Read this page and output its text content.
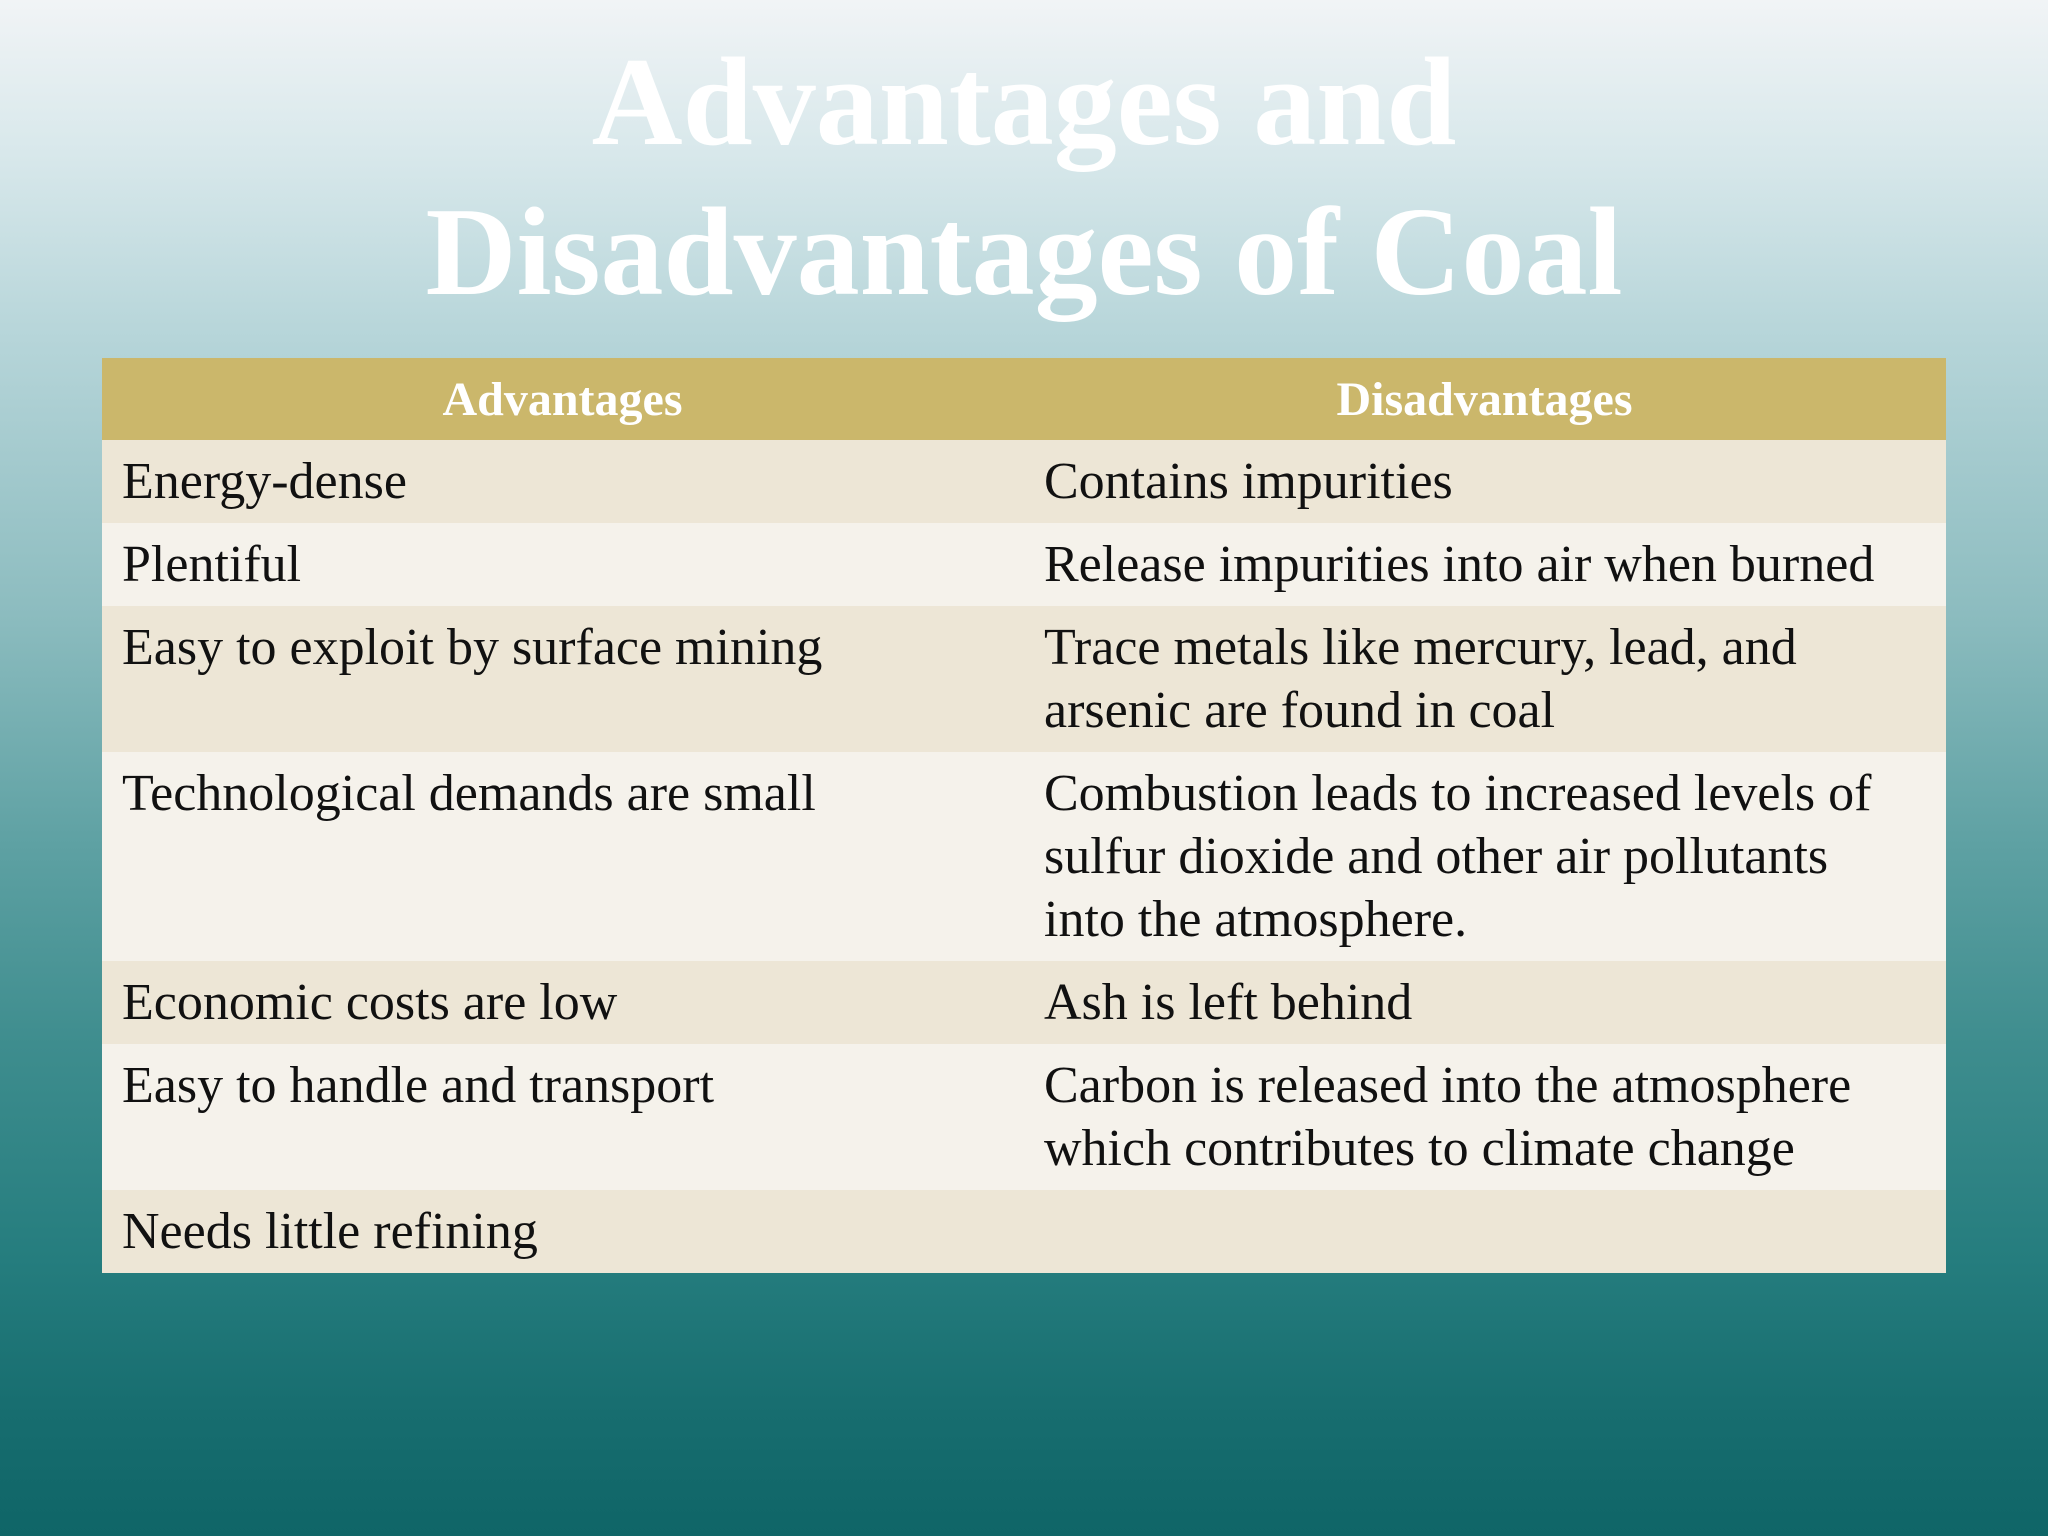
Advantages and
Disadvantages of Coal
Advantages	Disadvantages
Energy-dense	Contains impurities
Plentiful	Release impurities into air when burned
Easy to exploit by surface mining	Trace metals like mercury, lead, and arsenic are found in coal
Technological demands are small	Combustion leads to increased levels of sulfur dioxide and other air pollutants into the atmosphere.
Economic costs are low	Ash is left behind
Easy to handle and transport	Carbon is released into the atmosphere which contributes to climate change
Needs little refining	
